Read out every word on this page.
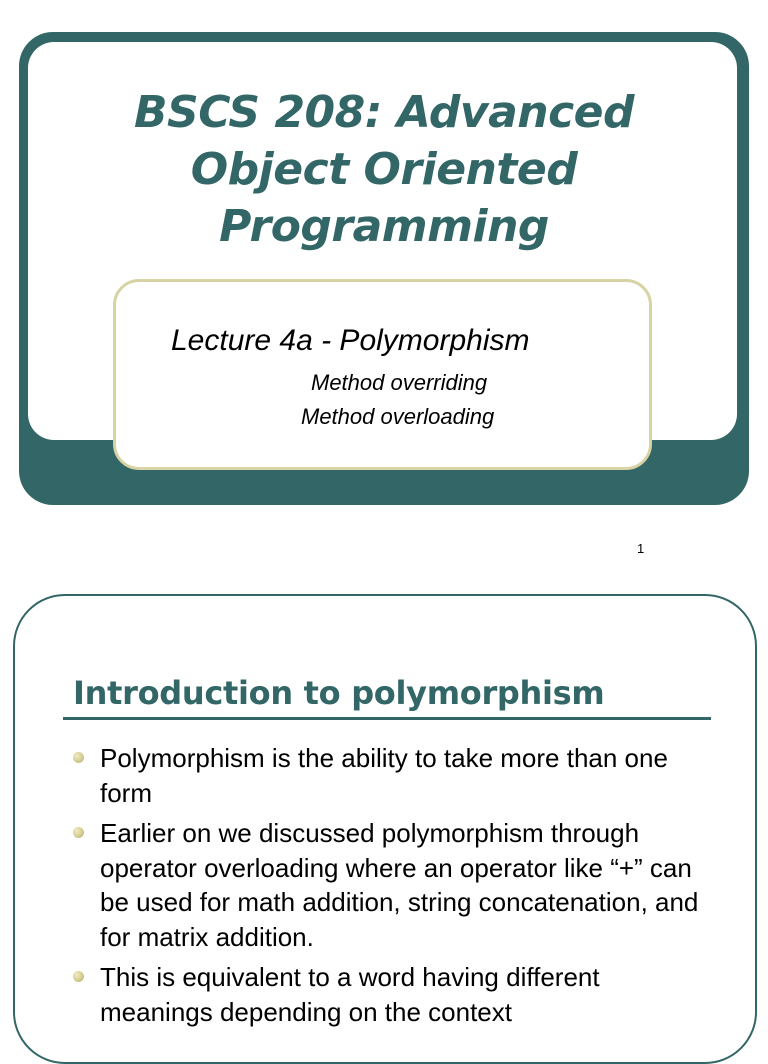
BSCS 208: Advanced
Object Oriented
Programming
Lecture 4a - Polymorphism
Method overriding
Method overloading
1
Introduction to polymorphism
Polymorphism is the ability to take more than one form
Earlier on we discussed polymorphism through operator overloading where an operator like “+” can be used for math addition, string concatenation, and for matrix addition.
This is equivalent to a word having different meanings depending on the context
